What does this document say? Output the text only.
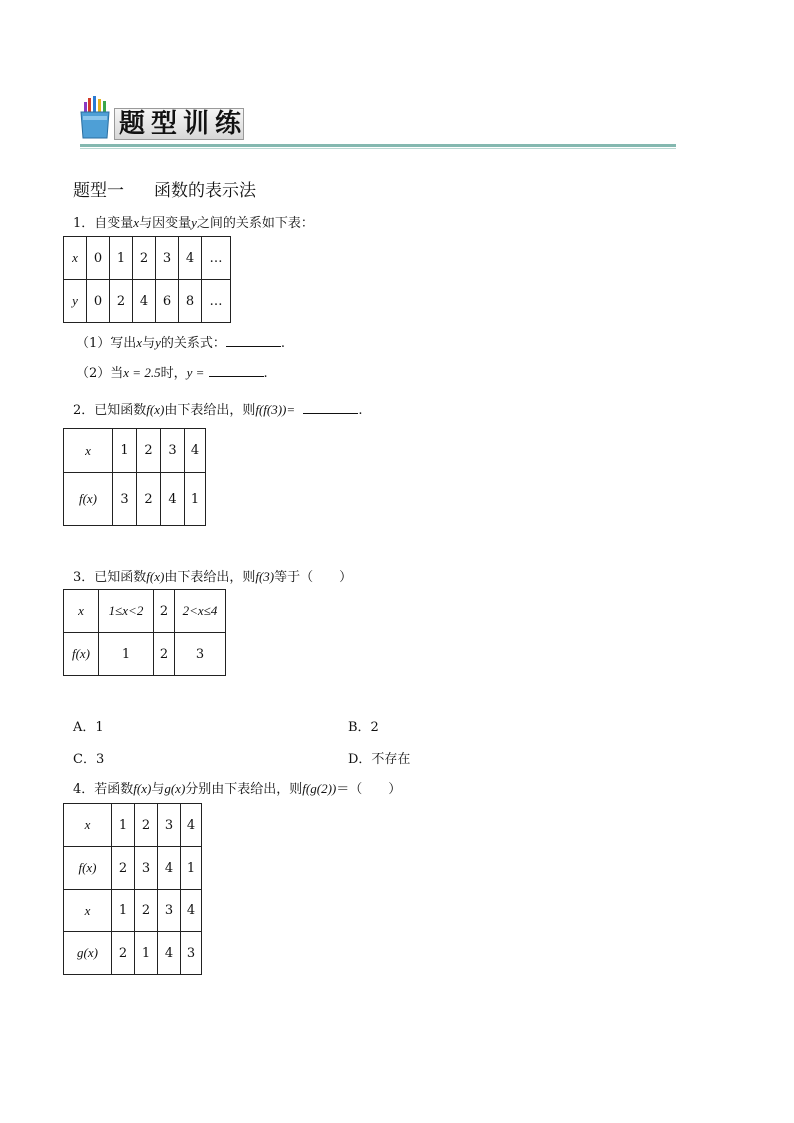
题型训练
题型一 函数的表示法
1．自变量x与因变量y之间的关系如下表：
x	0	1	2	3	4	…
y	0	2	4	6	8	…
（1）写出x与y的关系式：	.
（2）当x = 2.5时，y =	.
2．已知函数f(x)由下表给出，则f(f(3))=	.
x	1	2	3	4
f(x)	3	2	4	1
3．已知函数f(x)由下表给出，则f(3)等于（　　）
x	1≤x<2	2	2<x≤4
f(x)	1	2	3
A．1	B．2
C．3	D．不存在
4．若函数f(x)与g(x)分别由下表给出，则f(g(2))＝（　　）
x	1	2	3	4
f(x)	2	3	4	1
x	1	2	3	4
g(x)	2	1	4	3
